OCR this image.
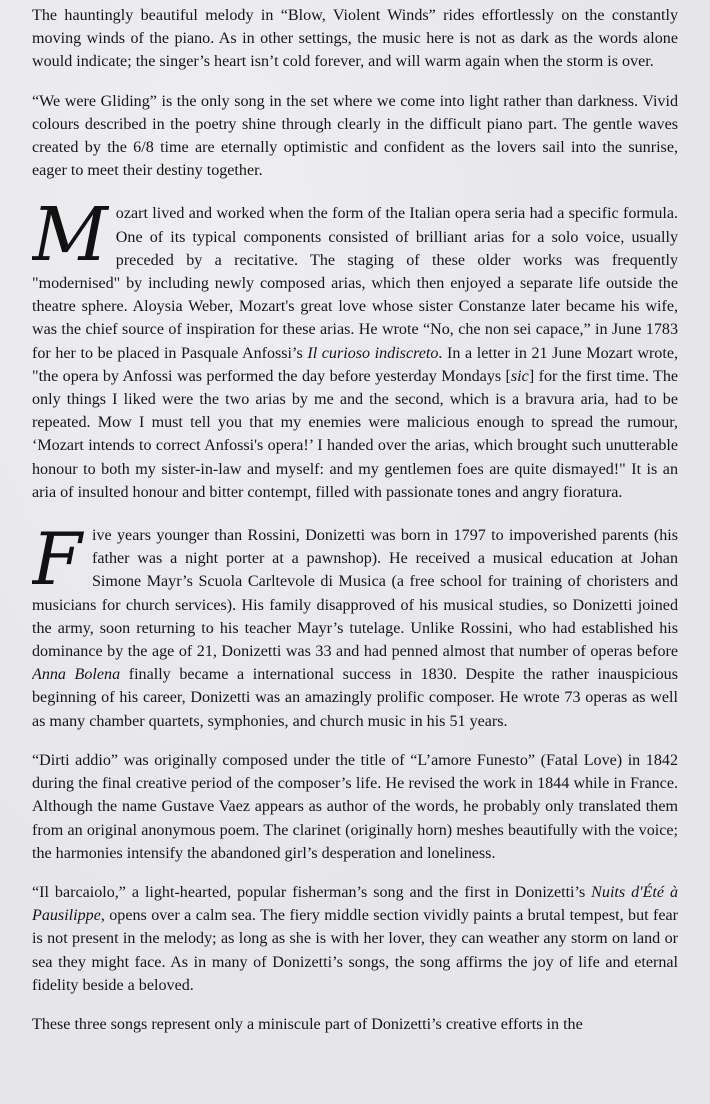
The hauntingly beautiful melody in “Blow, Violent Winds” rides effortlessly on the constantly moving winds of the piano. As in other settings, the music here is not as dark as the words alone would indicate; the singer’s heart isn’t cold forever, and will warm again when the storm is over.

“We were Gliding” is the only song in the set where we come into light rather than darkness. Vivid colours described in the poetry shine through clearly in the difficult piano part. The gentle waves created by the 6/8 time are eternally optimistic and confident as the lovers sail into the sunrise, eager to meet their destiny together.

M ozart lived and worked when the form of the Italian opera seria had a specific formula. One of its typical components consisted of brilliant arias for a solo voice, usually preceded by a recitative. The staging of these older works was frequently "modernised" by including newly composed arias, which then enjoyed a separate life outside the theatre sphere. Aloysia Weber, Mozart's great love whose sister Constanze later became his wife, was the chief source of inspiration for these arias. He wrote “No, che non sei capace,” in June 1783 for her to be placed in Pasquale Anfossi’s Il curioso indiscreto. In a letter in 21 June Mozart wrote, "the opera by Anfossi was performed the day before yesterday Mondays [sic] for the first time. The only things I liked were the two arias by me and the second, which is a bravura aria, had to be repeated. Mow I must tell you that my enemies were malicious enough to spread the rumour, ‘Mozart intends to correct Anfossi's opera!’ I handed over the arias, which brought such unutterable honour to both my sister-in-law and myself: and my gentlemen foes are quite dismayed!" It is an aria of insulted honour and bitter contempt, filled with passionate tones and angry fioratura.

F ive years younger than Rossini, Donizetti was born in 1797 to impoverished parents (his father was a night porter at a pawnshop). He received a musical education at Johan Simone Mayr’s Scuola Carltevole di Musica (a free school for training of choristers and musicians for church services). His family disapproved of his musical studies, so Donizetti joined the army, soon returning to his teacher Mayr’s tutelage. Unlike Rossini, who had established his dominance by the age of 21, Donizetti was 33 and had penned almost that number of operas before Anna Bolena finally became a international success in 1830. Despite the rather inauspicious beginning of his career, Donizetti was an amazingly prolific composer. He wrote 73 operas as well as many chamber quartets, symphonies, and church music in his 51 years.

“Dirti addio” was originally composed under the title of “L’amore Funesto” (Fatal Love) in 1842 during the final creative period of the composer’s life. He revised the work in 1844 while in France. Although the name Gustave Vaez appears as author of the words, he probably only translated them from an original anonymous poem. The clarinet (originally horn) meshes beautifully with the voice; the harmonies intensify the abandoned girl’s desperation and loneliness.

“Il barcaiolo,” a light-hearted, popular fisherman’s song and the first in Donizetti’s Nuits d'Été à Pausilippe, opens over a calm sea. The fiery middle section vividly paints a brutal tempest, but fear is not present in the melody; as long as she is with her lover, they can weather any storm on land or sea they might face. As in many of Donizetti’s songs, the song affirms the joy of life and eternal fidelity beside a beloved.

These three songs represent only a miniscule part of Donizetti’s creative efforts in the
